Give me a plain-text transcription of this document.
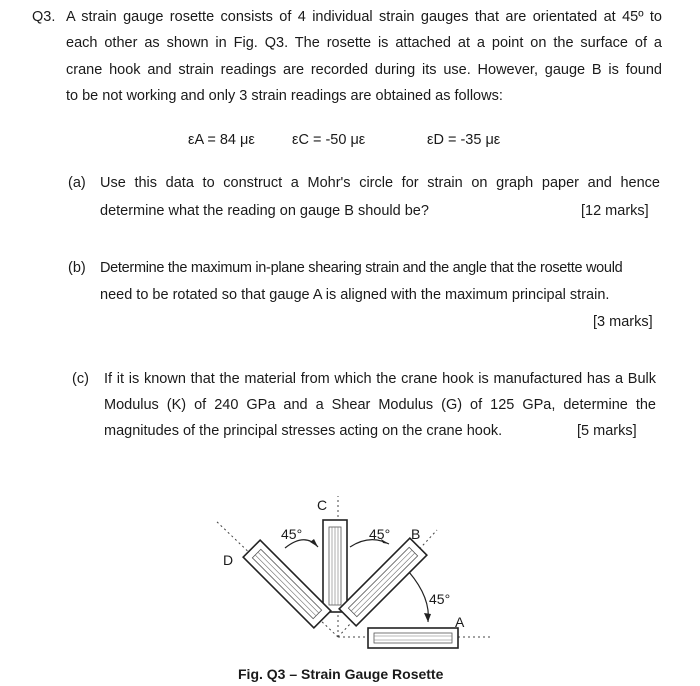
Q3. A strain gauge rosette consists of 4 individual strain gauges that are orientated at 45º to
each other as shown in Fig. Q3. The rosette is attached at a point on the surface of a
crane hook and strain readings are recorded during its use. However, gauge B is found
to be not working and only 3 strain readings are obtained as follows:
εA = 84 με	εC = -50 με	εD = -35 με
(a) Use this data to construct a Mohr's circle for strain on graph paper and hence
determine what the reading on gauge B should be?	[12 marks]
(b) Determine the maximum in-plane shearing strain and the angle that the rosette would
need to be rotated so that gauge A is aligned with the maximum principal strain.
[3 marks]
(c) If it is known that the material from which the crane hook is manufactured has a Bulk
Modulus (K) of 240 GPa and a Shear Modulus (G) of 125 GPa, determine the
magnitudes of the principal stresses acting on the crane hook.	[5 marks]
C
B
D
A
45°	45°
45°
Fig. Q3 – Strain Gauge Rosette
